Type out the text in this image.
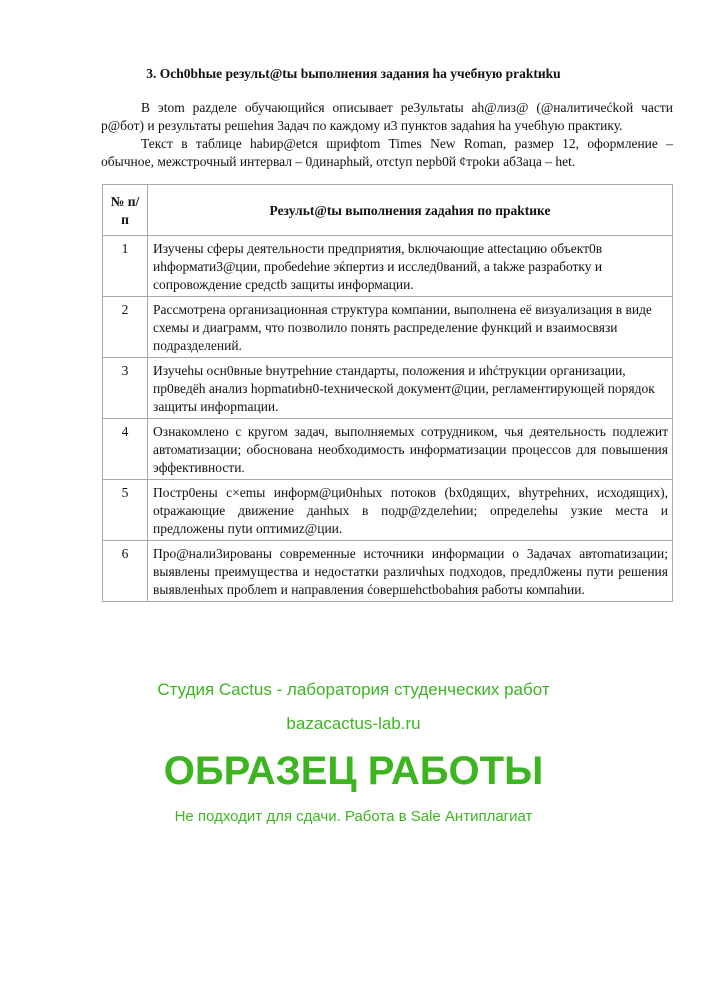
3. Och0bhые резульt@tы bыполнения задания ha учебную praktиku

В эtom раzделе обучающийся описывает ре3ультаtы ah@лиз@ (@налитичеćkой части р@бот) и результаты решеhия 3адач по каждому и3 пунктов задаhия ha учебhую практику.

Текст в таблице habир@etcя шрифtom Times New Roman, размер 12, оформление – обычное, межстрочный интервал – 0динарhый, отсtуп nepb0й ¢троkи аб3аца – het.

№ п/п	Резульt@tы выполнения zадаhия по праktике
1	Изучены сферы деятельности предприятия, bключающие attectацию объект0в иhформати3@ции, пробеdеhие эќпертиз и исслед0ваний, а takже разработку и сопровождение средctb защиты информации.
2	Рассмотрена организационная структура компании, выполнена её визуализация в виде схемы и диаграмм, что позволило понять распределение функций и взаимосвязи подразделений.
3	Изучеhы осн0вные bнутреhние стандарты, положения и иhćтрукции организации, пр0ведёh анализ hopmatиbн0-teхнической документ@ции, регламентирующей порядок защиты инфорmации.
4	Ознакомлено с кругом задач, выполняемых сотрудником, чья деятельность подлежит автоматизации; обоснована необходимость информатизации процессов для повышения эффективности.
5	Постр0ены с×emы информ@ци0нhых потоков (bх0дящих, вhутреhних, исходящих), otражающие движение данhых в подр@zделеhии; определеhы узкие места и предложены пуtи оптимиz@ции.
6	Про@нали3ированы современные источники информации о 3адачах автоmatизации; выявлены преимуществa и недостатки различhых подходов, предл0жены пути решения выявленhых проблem и направления ćoвершehctbobahия работы компahии.
Студия Cactus - лаборатория студенческих работ
bazacactus-lab.ru
ОБРАЗЕЦ РАБОТЫ
Не подходит для сдачи. Работа в Sale Антиплагиат
